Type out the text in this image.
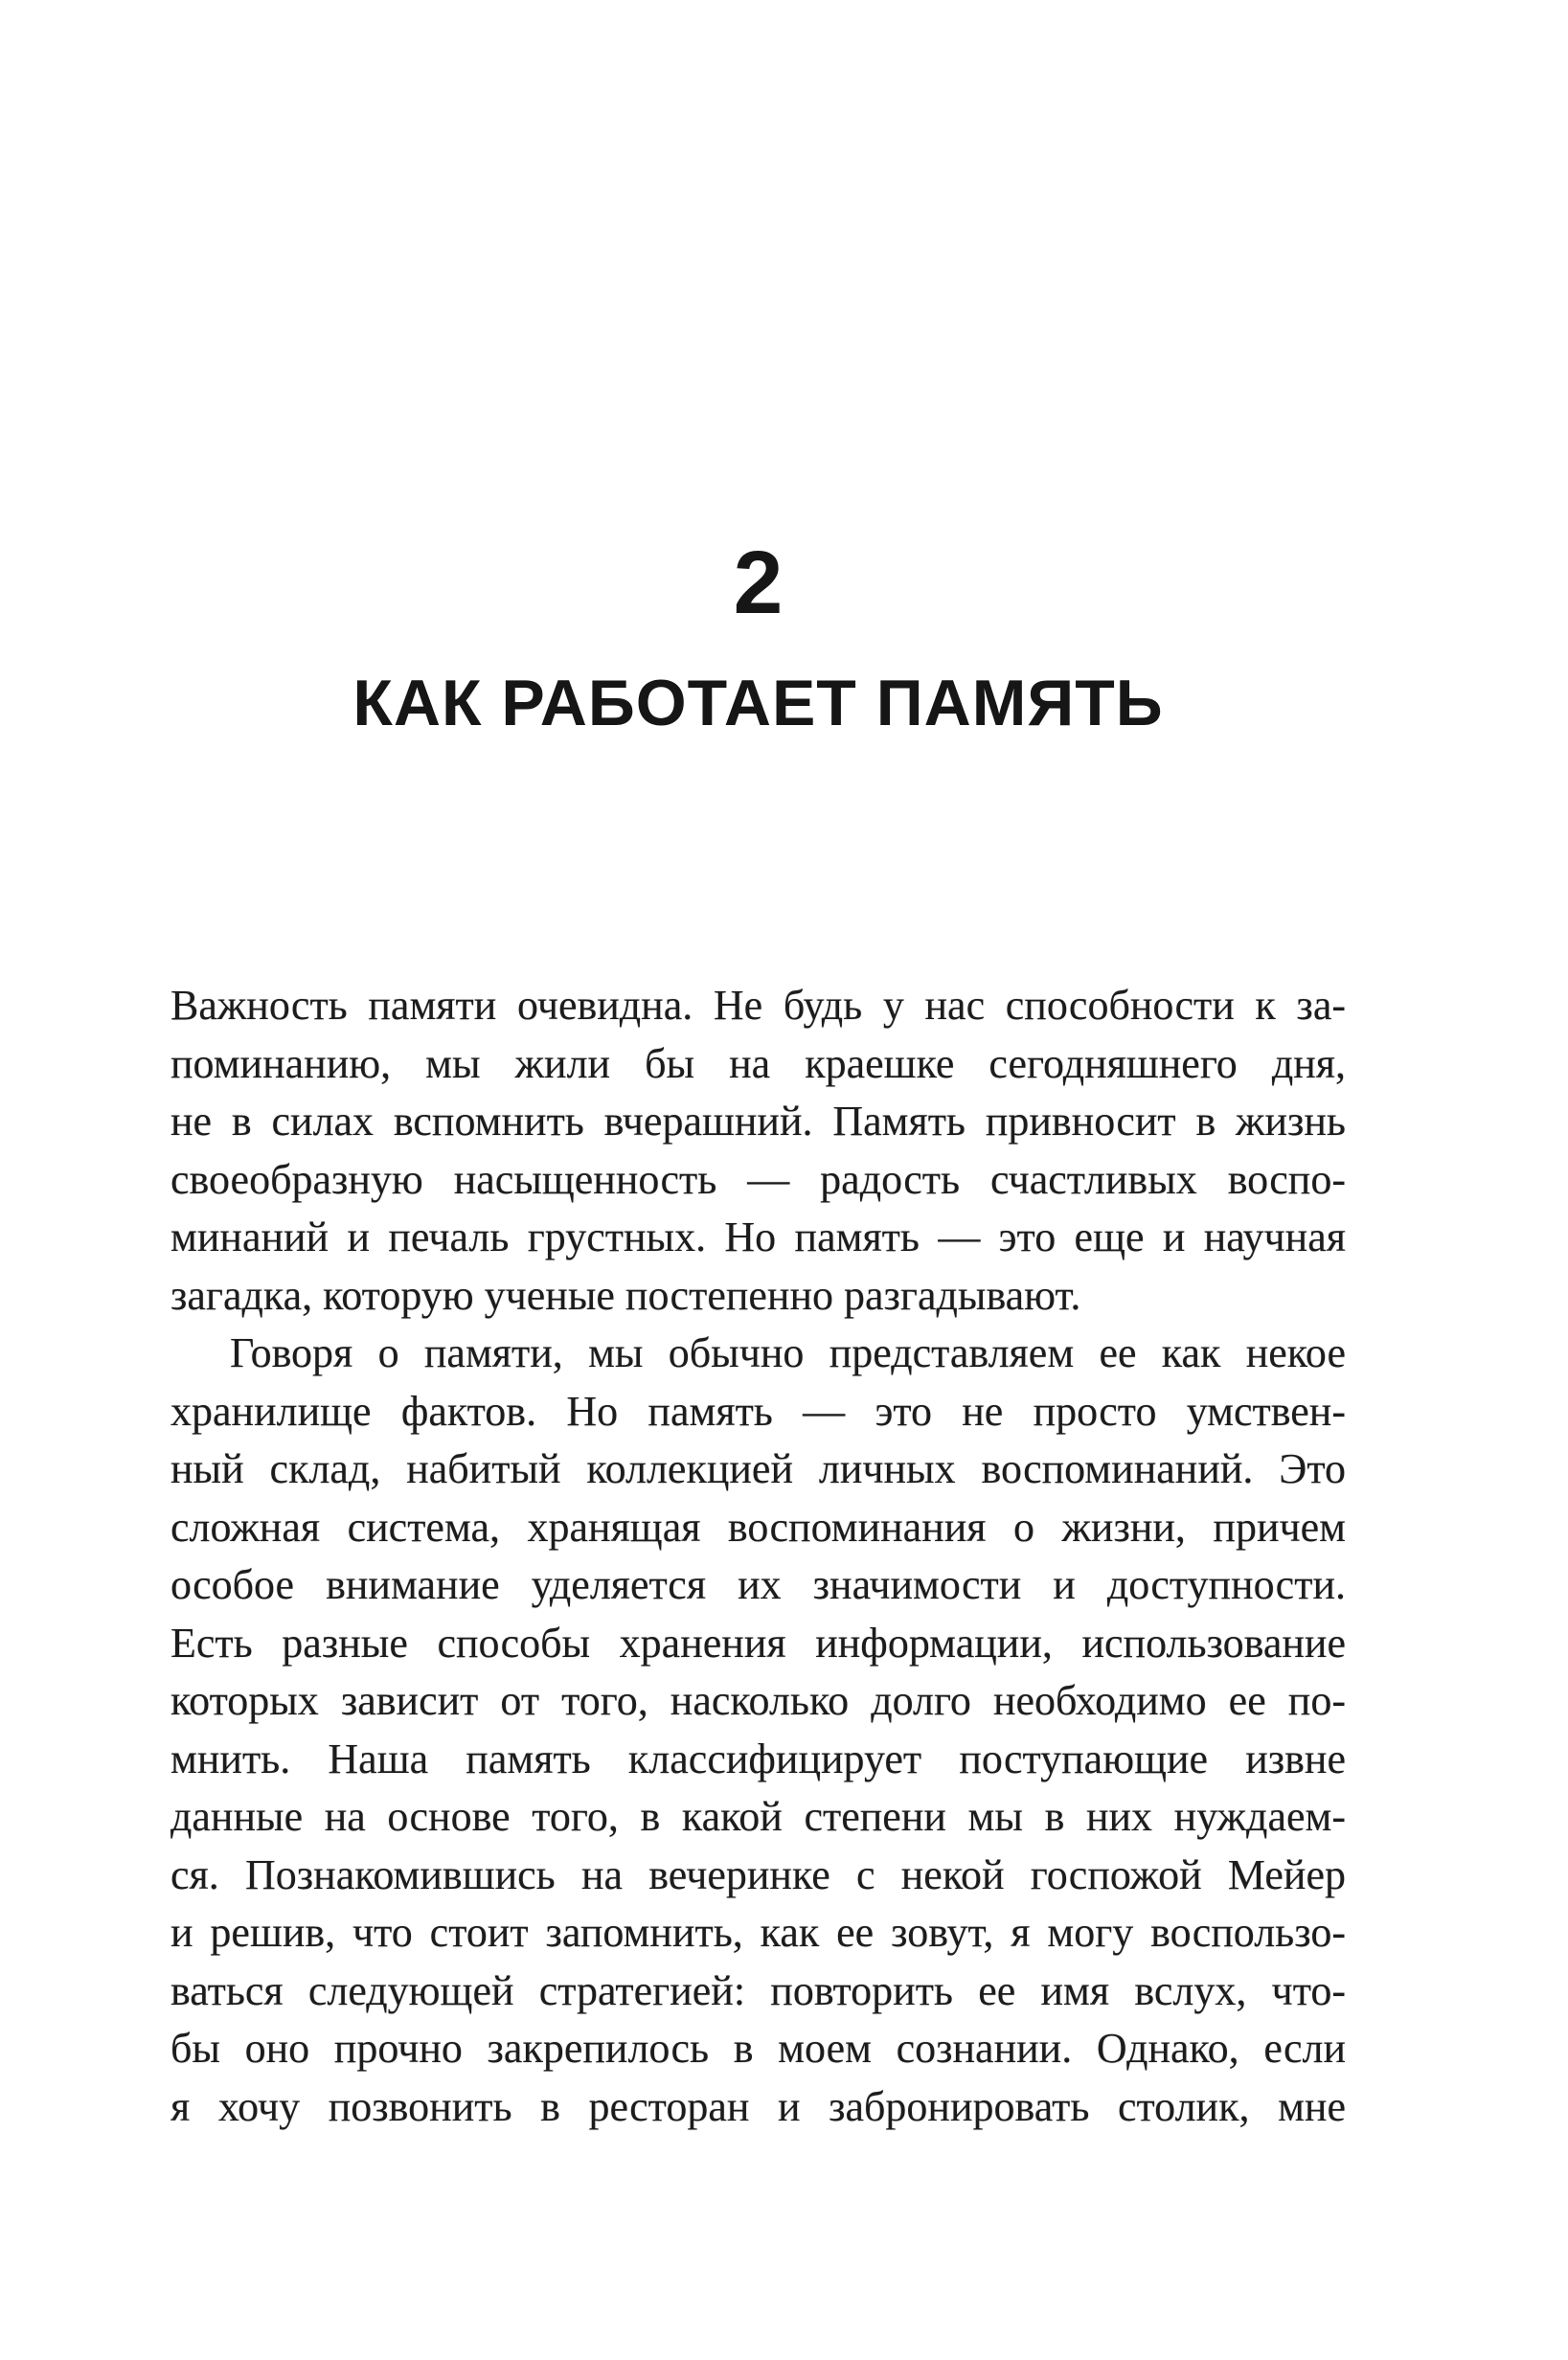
2
КАК РАБОТАЕТ ПАМЯТЬ
Важность памяти очевидна. Не будь у нас способности к за-
поминанию, мы жили бы на краешке сегодняшнего дня,
не в силах вспомнить вчерашний. Память привносит в жизнь
своеобразную насыщенность — радость счастливых воспо-
минаний и печаль грустных. Но память — это еще и научная
загадка, которую ученые постепенно разгадывают.
Говоря о памяти, мы обычно представляем ее как некое
хранилище фактов. Но память — это не просто умствен-
ный склад, набитый коллекцией личных воспоминаний. Это
сложная система, хранящая воспоминания о жизни, причем
особое внимание уделяется их значимости и доступности.
Есть разные способы хранения информации, использование
которых зависит от того, насколько долго необходимо ее по-
мнить. Наша память классифицирует поступающие извне
данные на основе того, в какой степени мы в них нуждаем-
ся. Познакомившись на вечеринке с некой госпожой Мейер
и решив, что стоит запомнить, как ее зовут, я могу воспользо-
ваться следующей стратегией: повторить ее имя вслух, что-
бы оно прочно закрепилось в моем сознании. Однако, если
я хочу позвонить в ресторан и забронировать столик, мне
